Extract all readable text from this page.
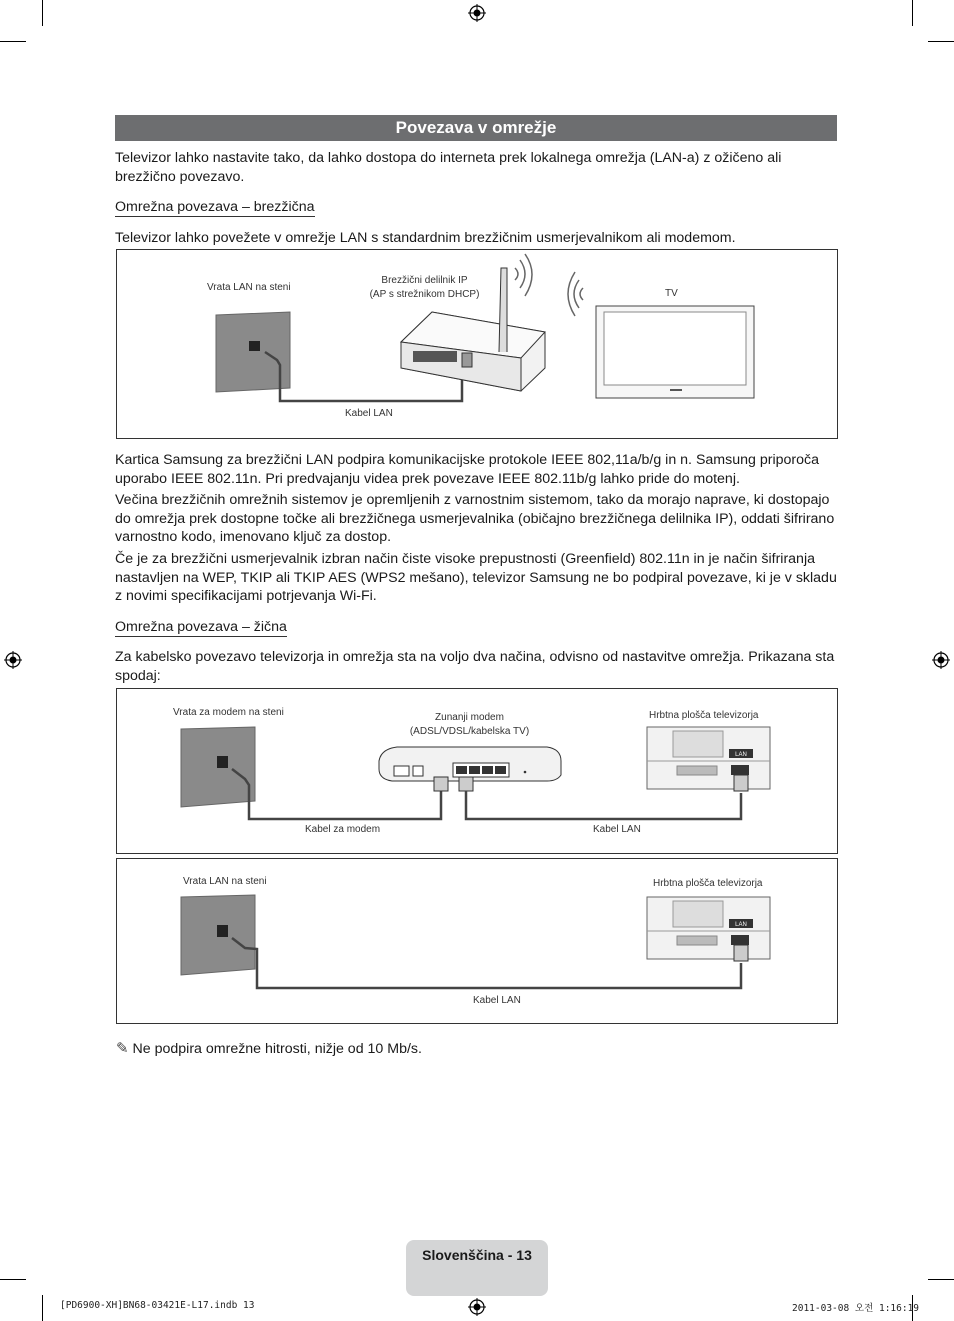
Povezava v omrežje
Televizor lahko nastavite tako, da lahko dostopa do interneta prek lokalnega omrežja (LAN-a) z ožičeno ali brezžično povezavo.
Omrežna povezava – brezžična
Televizor lahko povežete v omrežje LAN s standardnim brezžičnim usmerjevalnikom ali modemom.
Vrata LAN na steni
Brezžični delilnik IP
(AP s strežnikom DHCP)	TV
Kabel LAN
Kartica Samsung za brezžični LAN podpira komunikacijske protokole IEEE 802,11a/b/g in n. Samsung priporoča uporabo IEEE 802.11n. Pri predvajanju videa prek povezave IEEE 802.11b/g lahko pride do motenj.
Večina brezžičnih omrežnih sistemov je opremljenih z varnostnim sistemom, tako da morajo naprave, ki dostopajo do omrežja prek dostopne točke ali brezžičnega usmerjevalnika (običajno brezžičnega delilnika IP), oddati šifrirano varnostno kodo, imenovano ključ za dostop.
Če je za brezžični usmerjevalnik izbran način čiste visoke prepustnosti (Greenfield) 802.11n in je način šifriranja nastavljen na WEP, TKIP ali TKIP AES (WPS2 mešano), televizor Samsung ne bo podpiral povezave, ki je v skladu z novimi specifikacijami potrjevanja Wi-Fi.
Omrežna povezava – žična
Za kabelsko povezavo televizorja in omrežja sta na voljo dva načina, odvisno od nastavitve omrežja. Prikazana sta spodaj:
LAN
Vrata za modem na steni	Zunanji modem
(ADSL/VDSL/kabelska TV)
Hrbtna plošča televizorja
Kabel za modem	Kabel LAN
LAN
Vrata LAN na steni	Hrbtna plošča televizorja
Kabel LAN
✎ Ne podpira omrežne hitrosti, nižje od 10 Mb/s.
Slovenščina - 13
[PD6900-XH]BN68-03421E-L17.indb 13	2011-03-08 오전 1:16:19
